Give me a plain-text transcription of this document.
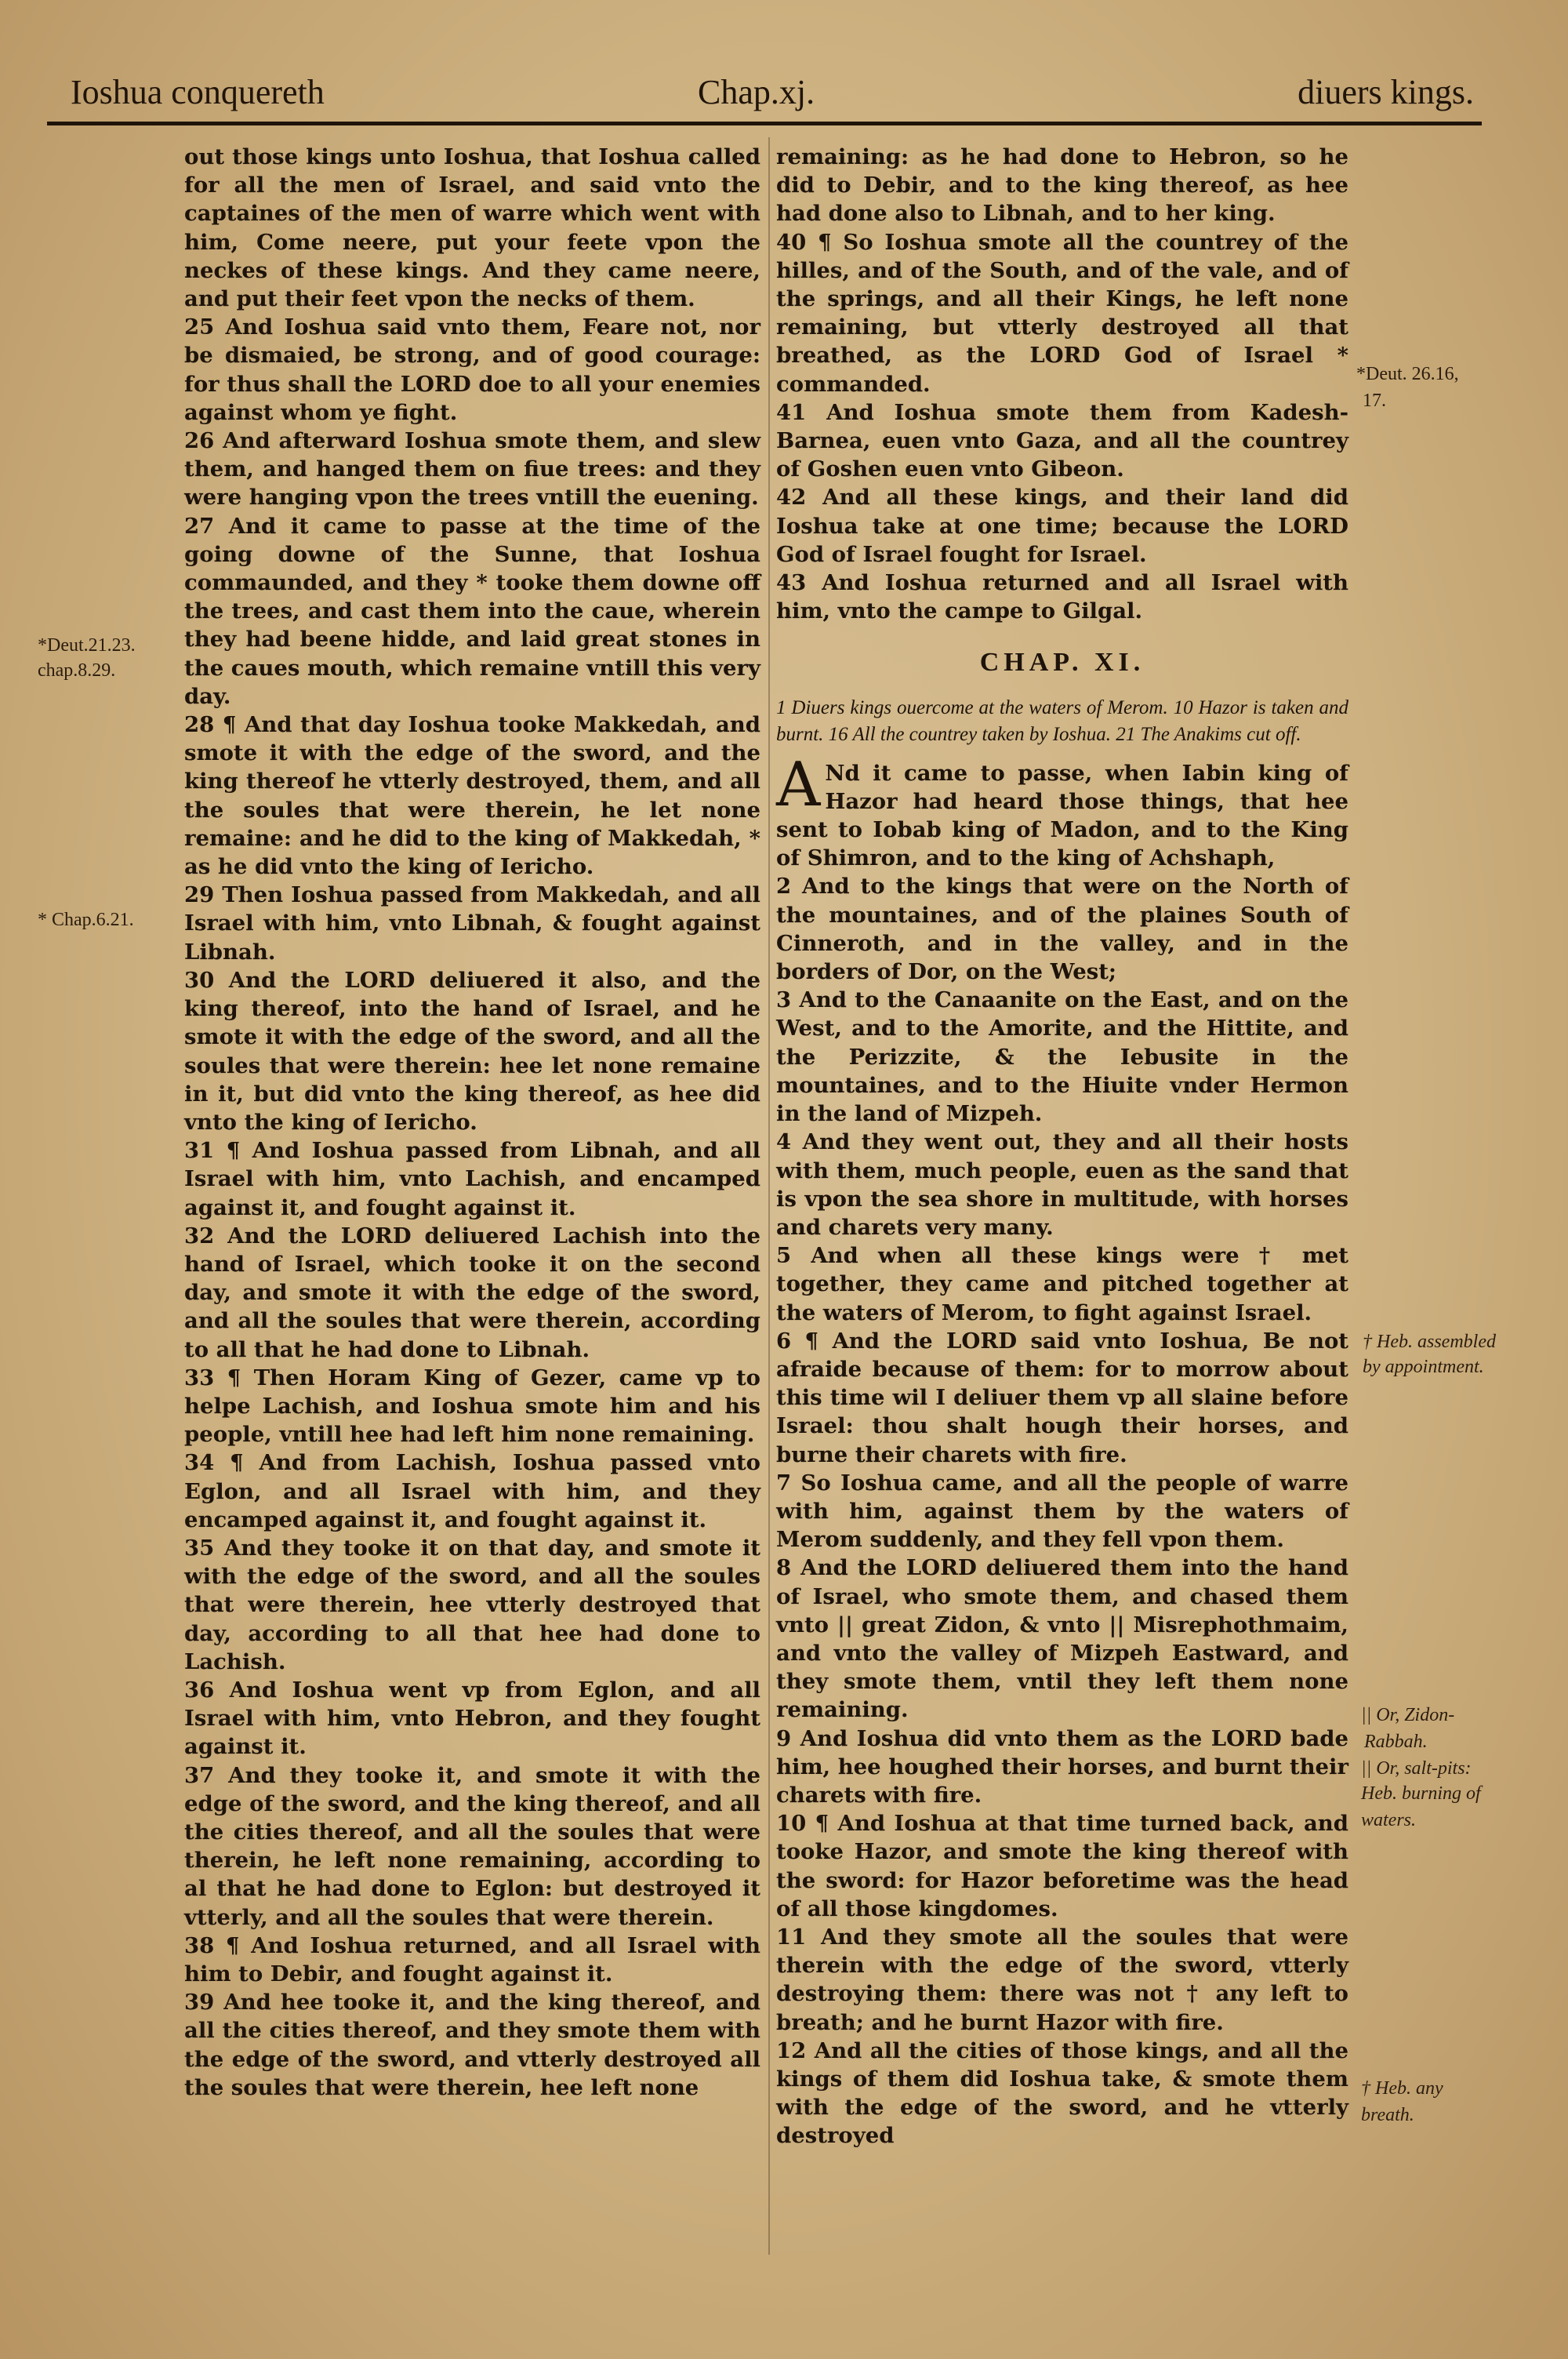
Ioshua conquereth	Chap.xj.	diuers kings.
*Deut.21.23.
chap.8.29.
* Chap.6.21.

out those kings unto Ioshua, that Ioshua called for all the men of Israel, and said vnto the captaines of the men of warre which went with him, Come neere, put your feete vpon the neckes of these kings. And they came neere, and put their feet vpon the necks of them.

25 And Ioshua said vnto them, Feare not, nor be dismaied, be strong, and of good courage: for thus shall the LORD doe to all your enemies against whom ye fight.

26 And afterward Ioshua smote them, and slew them, and hanged them on fiue trees: and they were hanging vpon the trees vntill the euening.

27 And it came to passe at the time of the going downe of the Sunne, that Ioshua commaunded, and they * tooke them downe off the trees, and cast them into the caue, wherein they had beene hidde, and laid great stones in the caues mouth, which remaine vntill this very day.

28 ¶ And that day Ioshua tooke Makkedah, and smote it with the edge of the sword, and the king thereof he vtterly destroyed, them, and all the soules that were therein, he let none remaine: and he did to the king of Makkedah, * as he did vnto the king of Iericho.

29 Then Ioshua passed from Makkedah, and all Israel with him, vnto Libnah, & fought against Libnah.

30 And the LORD deliuered it also, and the king thereof, into the hand of Israel, and he smote it with the edge of the sword, and all the soules that were therein: hee let none remaine in it, but did vnto the king thereof, as hee did vnto the king of Iericho.

31 ¶ And Ioshua passed from Libnah, and all Israel with him, vnto Lachish, and encamped against it, and fought against it.

32 And the LORD deliuered Lachish into the hand of Israel, which tooke it on the second day, and smote it with the edge of the sword, and all the soules that were therein, according to all that he had done to Libnah.

33 ¶ Then Horam King of Gezer, came vp to helpe Lachish, and Ioshua smote him and his people, vntill hee had left him none remaining.

34 ¶ And from Lachish, Ioshua passed vnto Eglon, and all Israel with him, and they encamped against it, and fought against it.

35 And they tooke it on that day, and smote it with the edge of the sword, and all the soules that were therein, hee vtterly destroyed that day, according to all that hee had done to Lachish.

36 And Ioshua went vp from Eglon, and all Israel with him, vnto Hebron, and they fought against it.

37 And they tooke it, and smote it with the edge of the sword, and the king thereof, and all the cities thereof, and all the soules that were therein, he left none remaining, according to al that he had done to Eglon: but destroyed it vtterly, and all the soules that were therein.

38 ¶ And Ioshua returned, and all Israel with him to Debir, and fought against it.

39 And hee tooke it, and the king thereof, and all the cities thereof, and they smote them with the edge of the sword, and vtterly destroyed all the soules that were therein, hee left none

remaining: as he had done to Hebron, so he did to Debir, and to the king thereof, as hee had done also to Libnah, and to her king.

40 ¶ So Ioshua smote all the countrey of the hilles, and of the South, and of the vale, and of the springs, and all their Kings, he left none remaining, but vtterly destroyed all that breathed, as the LORD God of Israel * commanded.

41 And Ioshua smote them from Kadesh-Barnea, euen vnto Gaza, and all the countrey of Goshen euen vnto Gibeon.

42 And all these kings, and their land did Ioshua take at one time; because the LORD God of Israel fought for Israel.

43 And Ioshua returned and all Israel with him, vnto the campe to Gilgal.

CHAP. XI.

1 Diuers kings ouercome at the waters of Merom. 10 Hazor is taken and burnt. 16 All the countrey taken by Ioshua. 21 The Anakims cut off.

A Nd it came to passe, when Iabin king of Hazor had heard those things, that hee sent to Iobab king of Madon, and to the King of Shimron, and to the king of Achshaph,

2 And to the kings that were on the North of the mountaines, and of the plaines South of Cinneroth, and in the valley, and in the borders of Dor, on the West;

3 And to the Canaanite on the East, and on the West, and to the Amorite, and the Hittite, and the Perizzite, & the Iebusite in the mountaines, and to the Hiuite vnder Hermon in the land of Mizpeh.

4 And they went out, they and all their hosts with them, much people, euen as the sand that is vpon the sea shore in multitude, with horses and charets very many.

5 And when all these kings were † met together, they came and pitched together at the waters of Merom, to fight against Israel.

6 ¶ And the LORD said vnto Ioshua, Be not afraide because of them: for to morrow about this time wil I deliuer them vp all slaine before Israel: thou shalt hough their horses, and burne their charets with fire.

7 So Ioshua came, and all the people of warre with him, against them by the waters of Merom suddenly, and they fell vpon them.

8 And the LORD deliuered them into the hand of Israel, who smote them, and chased them vnto || great Zidon, & vnto || Misrephothmaim, and vnto the valley of Mizpeh Eastward, and they smote them, vntil they left them none remaining.

9 And Ioshua did vnto them as the LORD bade him, hee houghed their horses, and burnt their charets with fire.

10 ¶ And Ioshua at that time turned back, and tooke Hazor, and smote the king thereof with the sword: for Hazor beforetime was the head of all those kingdomes.

11 And they smote all the soules that were therein with the edge of the sword, vtterly destroying them: there was not † any left to breath; and he burnt Hazor with fire.

12 And all the cities of those kings, and all the kings of them did Ioshua take, & smote them with the edge of the sword, and he vtterly destroyed

*Deut. 26.16,
17.
† Heb. assembled
by appointment.
|| Or, Zidon-
Rabbah.
|| Or, salt-pits:
Heb. burning of
waters.
† Heb. any
breath.
